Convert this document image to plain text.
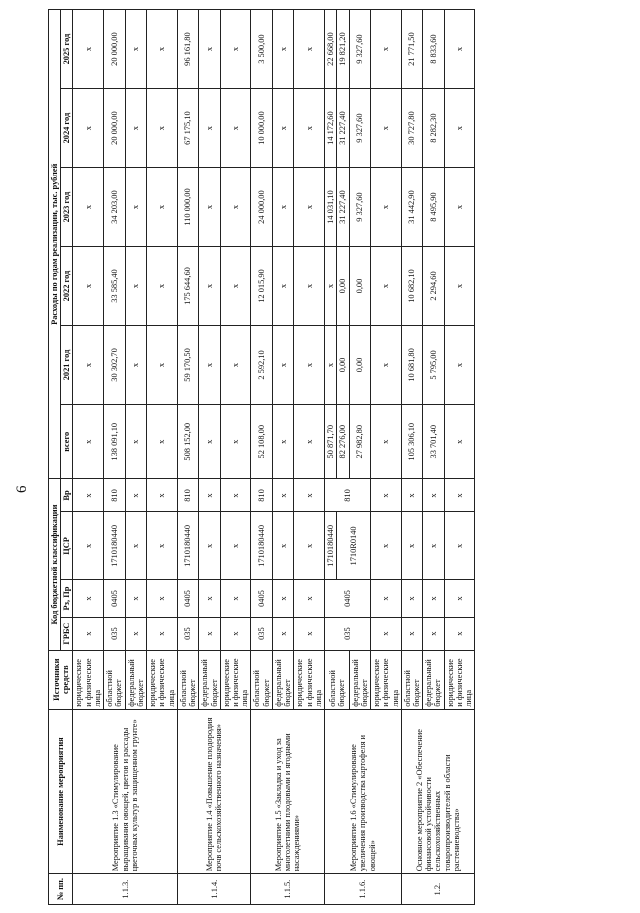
6
№ пп.	Наименование мероприятия	Источники средств	Код бюджетной классификации				Расходы по годам реализации, тыс. рублей					
			ГРБС	Рз, Пр	ЦСР	Вр	всего	2021 год	2022 год	2023 год	2024 год	2025 год
1.1.3.	Мероприятие 1.3 «Стимулирование выращивания овощей, цветов и рассады цветочных культур в защищенном грунте»	юридические и физические лица	x	x	x	x	x	x	x	x	x	x
		областной бюджет	035	0405	1710180440	810	138 091,10	30 302,70	33 585,40	34 203,00	20 000,00	20 000,00
		федеральный бюджет	x	x	x	x	x	x	x	x	x	x
		юридические и физические лица	x	x	x	x	x	x	x	x	x	x
1.1.4.	Мероприятие 1.4 «Повышение плодородия почв сельскохозяйственного назначения»	областной бюджет	035	0405	1710180440	810	508 152,00	59 170,50	175 644,60	110 000,00	67 175,10	96 161,80
		федеральный бюджет	x	x	x	x	x	x	x	x	x	x
		юридические и физические лица	x	x	x	x	x	x	x	x	x	x
1.1.5.	Мероприятие 1.5 «Закладка и уход за многолетними плодовыми и ягодными насаждениями»	областной бюджет	035	0405	1710180440	810	52 108,00	2 592,10	12 015,90	24 000,00	10 000,00	3 500,00
		федеральный бюджет	x	x	x	x	x	x	x	x	x	x
		юридические и физические лица	x	x	x	x	x	x	x	x	x	x
1.1.6.	Мероприятие 1.6 «Стимулирование увеличения производства картофеля и овощей»	областной бюджет	035	0405	1710180440	810	50 871,70	x	x	14 031,10	14 172,60	22 668,00
					1710R0140		82 276,00	0,00	0,00	31 227,40	31 227,40	19 821,20
		федеральный бюджет					27 982,80	0,00	0,00	9 327,60	9 327,60	9 327,60
		юридические и физические лица	x	x	x	x	x	x	x	x	x	x
1.2.	Основное мероприятие 2 «Обеспечение финансовой устойчивости сельскохозяйственных товаропроизводителей в области растениеводства»	областной бюджет	x	x	x	x	105 306,10	10 681,80	10 682,10	31 442,90	30 727,80	21 771,50
		федеральный бюджет	x	x	x	x	33 701,40	5 795,00	2 294,60	8 495,90	8 282,30	8 833,60
		юридические и физические лица	x	x	x	x	x	x	x	x	x	x
